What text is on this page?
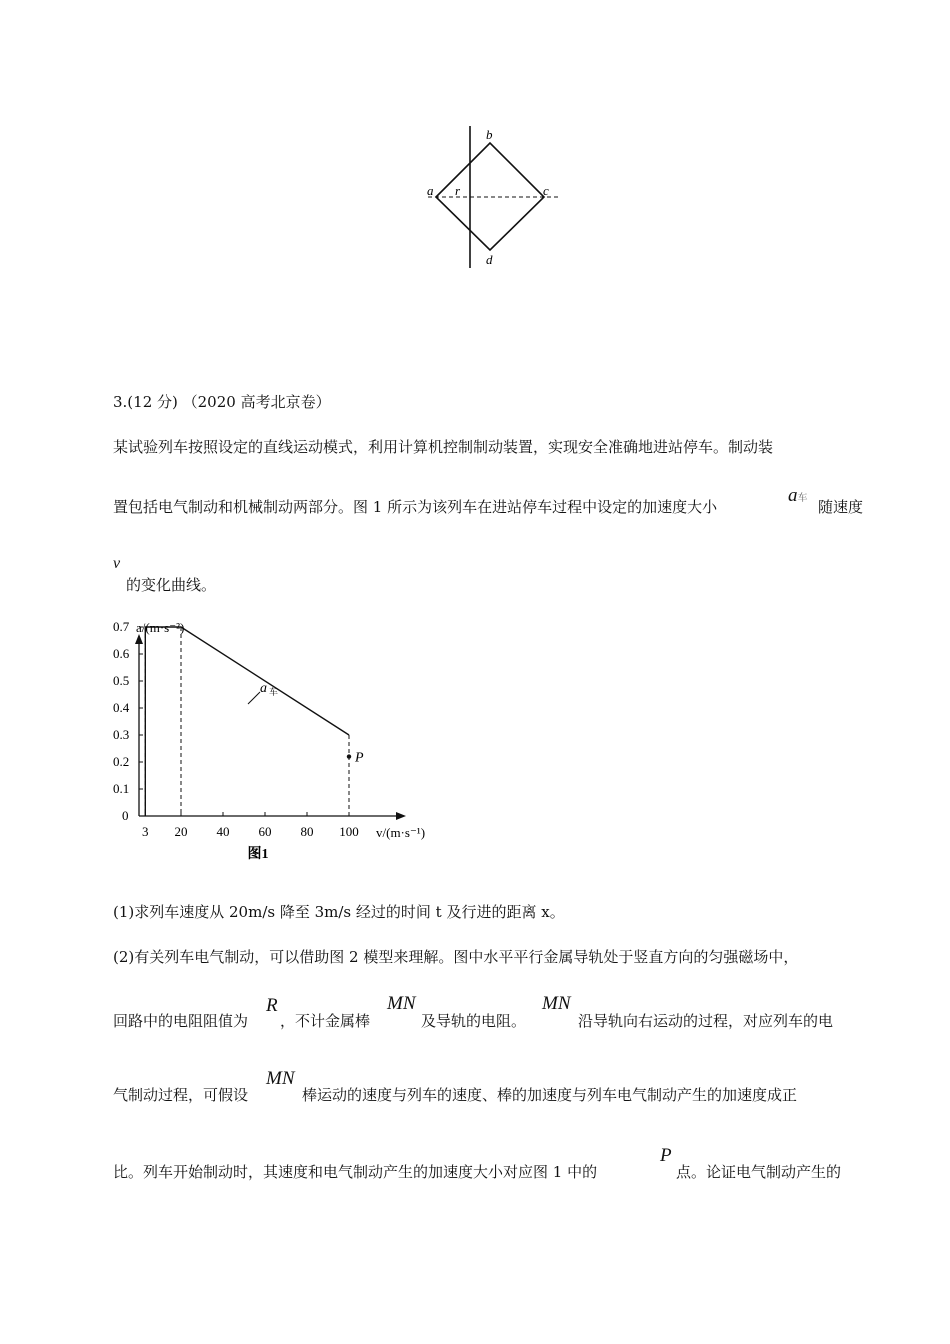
b
a r	c
d
3.(12 分) （2020 高考北京卷）
某试验列车按照设定的直线运动模式，利用计算机控制制动装置，实现安全准确地进站停车。制动装
置包括电气制动和机械制动两部分。图 1 所示为该列车在进站停车过程中设定的加速度大小
a车 随速度
v
的变化曲线。
0
0.1
0.2
0.3
0.4
0.5
0.6
0.7
3 20 40 60 80 100
P
a 车
a/(m·s⁻²)
v/(m·s⁻¹)
图1
(1)求列车速度从 20m/s 降至 3m/s 经过的时间 t 及行进的距离 x。
(2)有关列车电气制动，可以借助图 2 模型来理解。图中水平平行金属导轨处于竖直方向的匀强磁场中，
回路中的电阻阻值为
R
，不计金属棒
MN
及导轨的电阻。
MN
沿导轨向右运动的过程，对应列车的电
气制动过程，可假设
MN
棒运动的速度与列车的速度、棒的加速度与列车电气制动产生的加速度成正
比。列车开始制动时，其速度和电气制动产生的加速度大小对应图 1 中的
P
点。论证电气制动产生的
